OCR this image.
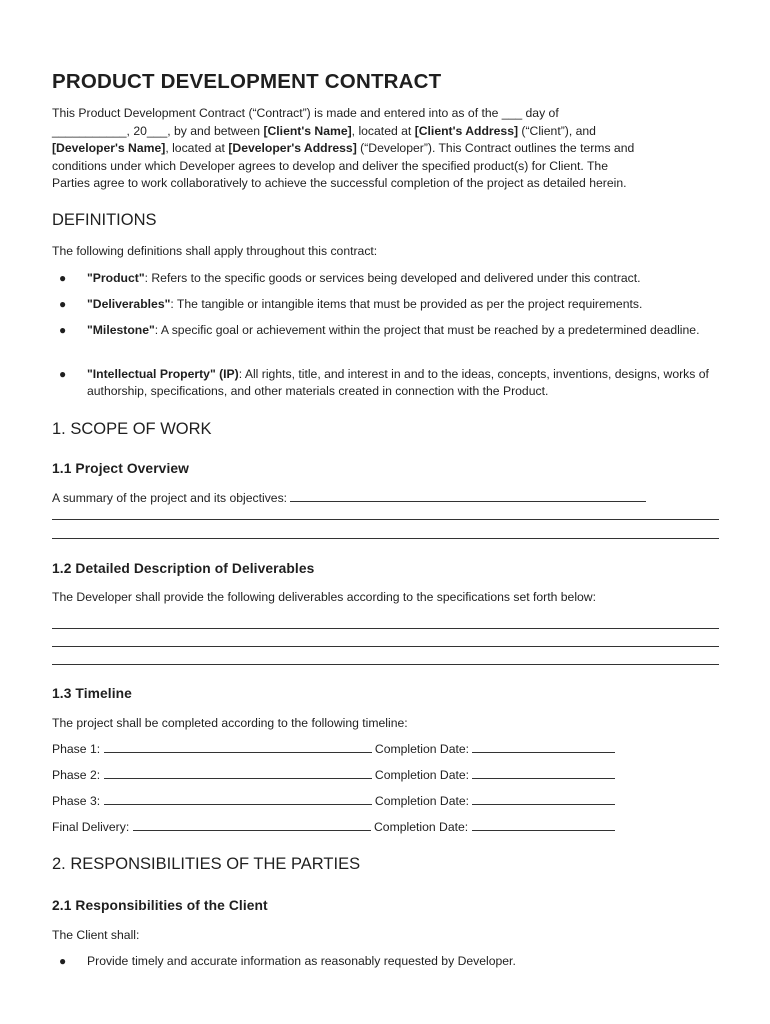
PRODUCT DEVELOPMENT CONTRACT
This Product Development Contract (“Contract”) is made and entered into as of the ___ day of
___________, 20___, by and between [Client's Name], located at [Client's Address] (“Client”), and
[Developer's Name], located at [Developer's Address] (“Developer”). This Contract outlines the terms and
conditions under which Developer agrees to develop and deliver the specified product(s) for Client. The
Parties agree to work collaboratively to achieve the successful completion of the project as detailed herein.
DEFINITIONS
The following definitions shall apply throughout this contract:
● "Product": Refers to the specific goods or services being developed and delivered under this contract.
● "Deliverables": The tangible or intangible items that must be provided as per the project requirements.
● "Milestone": A specific goal or achievement within the project that must be reached by a predetermined deadline.
● "Intellectual Property" (IP): All rights, title, and interest in and to the ideas, concepts, inventions, designs, works of authorship, specifications, and other materials created in connection with the Product.
1. SCOPE OF WORK
1.1 Project Overview
A summary of the project and its objectives:
1.2 Detailed Description of Deliverables
The Developer shall provide the following deliverables according to the specifications set forth below:
1.3 Timeline
The project shall be completed according to the following timeline:
Phase 1:	Completion Date:
Phase 2:	Completion Date:
Phase 3:	Completion Date:
Final Delivery:	Completion Date:
2. RESPONSIBILITIES OF THE PARTIES
2.1 Responsibilities of the Client
The Client shall:
● Provide timely and accurate information as reasonably requested by Developer.
